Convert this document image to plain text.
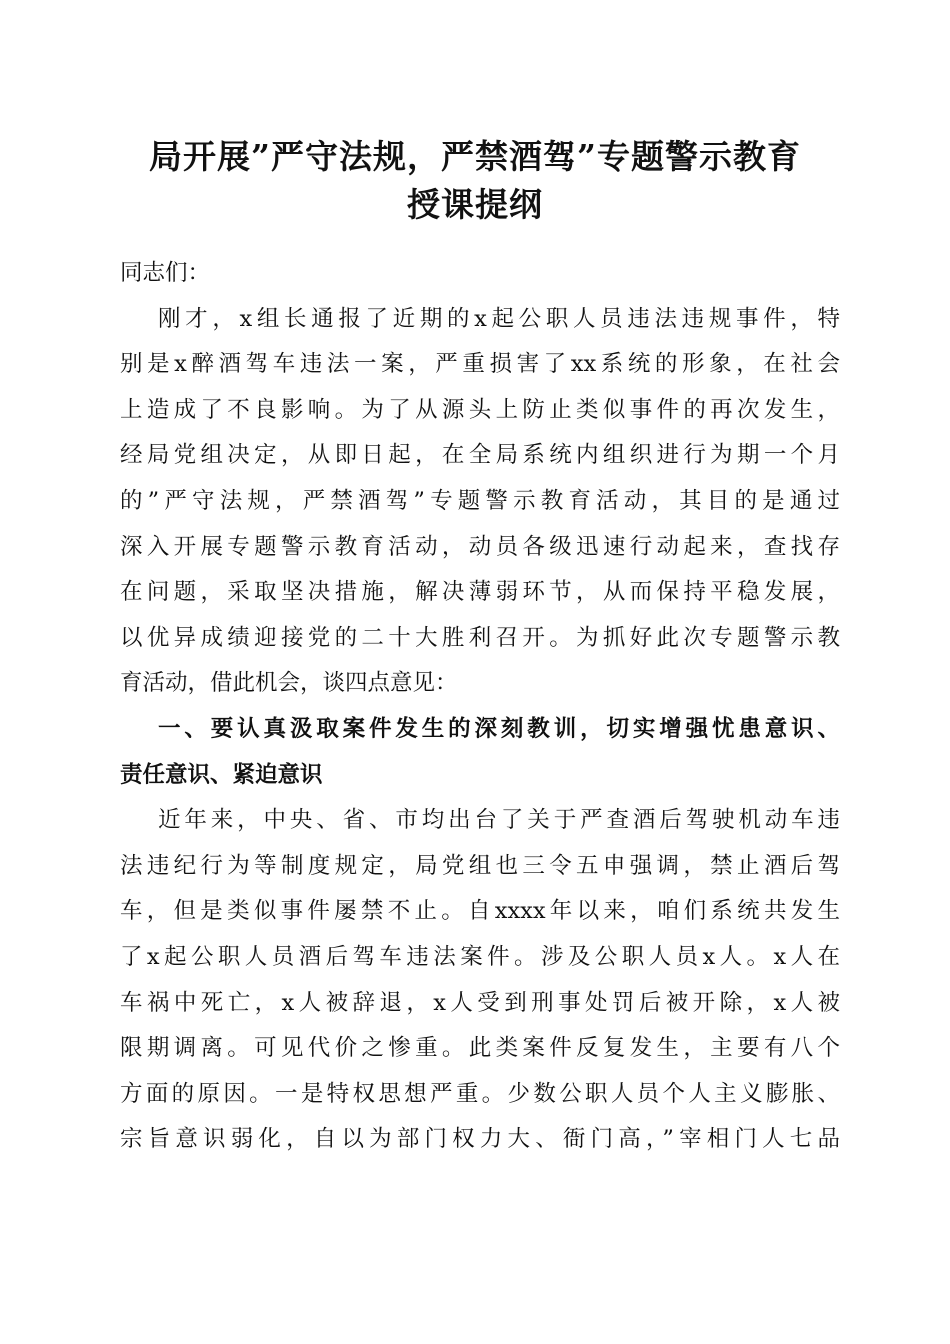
局开展”严守法规，严禁酒驾”专题警示教育
授课提纲
同志们：
刚才，x组长通报了近期的x起公职人员违法违规事件，特
别是x醉酒驾车违法一案，严重损害了xx系统的形象，在社会
上造成了不良影响。为了从源头上防止类似事件的再次发生，
经局党组决定，从即日起，在全局系统内组织进行为期一个月
的”严守法规，严禁酒驾”专题警示教育活动，其目的是通过
深入开展专题警示教育活动，动员各级迅速行动起来，查找存
在问题，采取坚决措施，解决薄弱环节，从而保持平稳发展，
以优异成绩迎接党的二十大胜利召开。为抓好此次专题警示教
育活动，借此机会，谈四点意见：
一、要认真汲取案件发生的深刻教训，切实增强忧患意识、
责任意识、紧迫意识
近年来，中央、省、市均出台了关于严查酒后驾驶机动车违
法违纪行为等制度规定，局党组也三令五申强调，禁止酒后驾
车，但是类似事件屡禁不止。自xxxx年以来，咱们系统共发生
了x起公职人员酒后驾车违法案件。涉及公职人员x人。x人在
车祸中死亡，x人被辞退，x人受到刑事处罚后被开除，x人被
限期调离。可见代价之惨重。此类案件反复发生，主要有八个
方面的原因。一是特权思想严重。少数公职人员个人主义膨胀、
宗旨意识弱化，自以为部门权力大、衙门高，”宰相门人七品
